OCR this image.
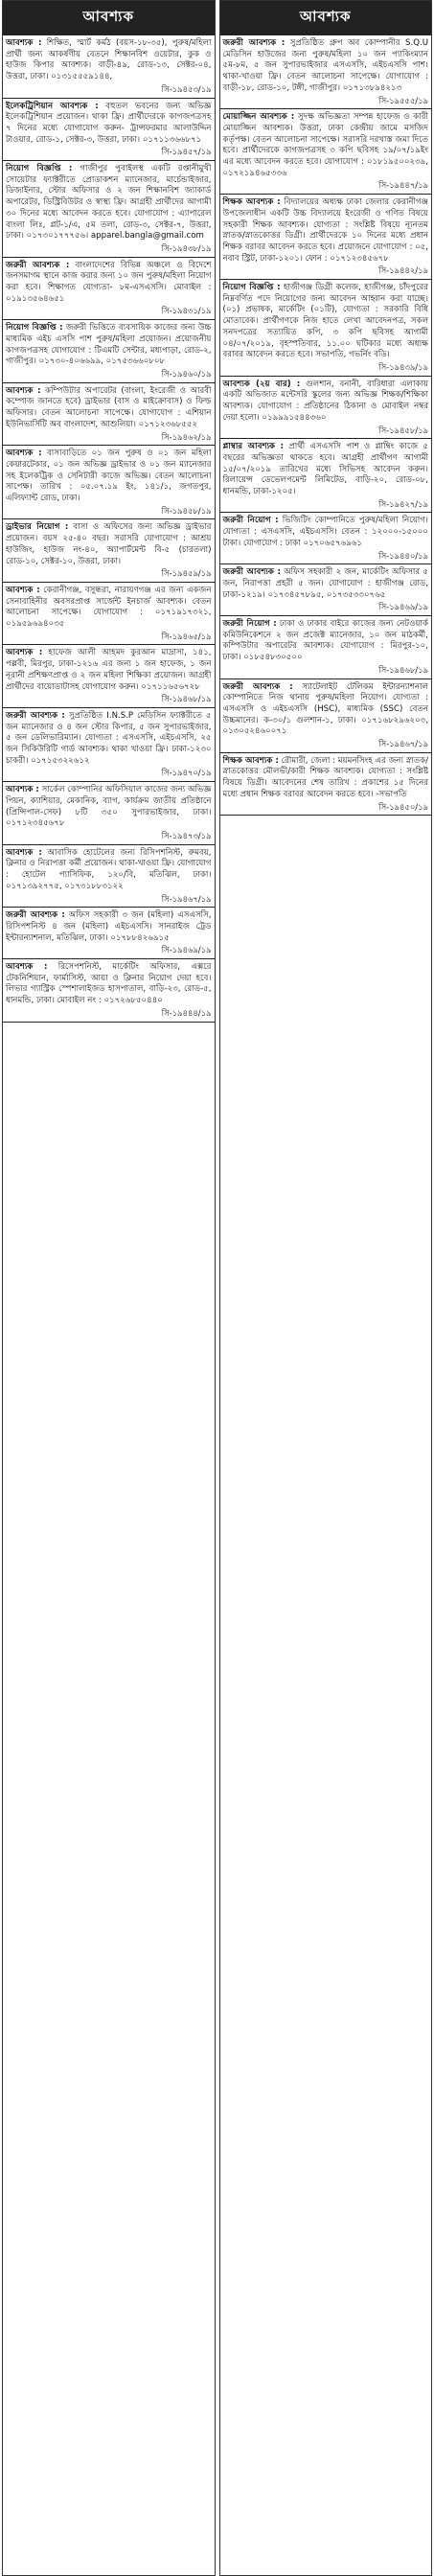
আবশ্যক
আবশ্যক : শিক্ষিত, স্মার্ট কর্মঠ (বয়স-১৮-৩৫), পুরুষ/মহিলা প্রার্থী জন্য আকর্ষণীয় বেতনে শিক্ষানবিশ ওয়েটার, কুক ও হাউজ কিপার আবশ্যক। বাড়ী-৪৯, রোড-১৩, সেক্টর-০৪, উত্তরা, ঢাকা। ০১৩১৫৫৫৯১৪৪,
সি-১৯৪৫৩/১৯
ইলেকট্রিশিয়ান আবশ্যক : বহুতল ভবনের জন্য অভিজ্ঞ ইলেকট্রিশিয়ান প্রয়োজন। থাকা ফ্রি। প্রার্থীদেরকে কাগজপত্রসহ ৭ দিনের মধ্যে যোগাযোগ করুন- ট্রান্সফরমার আলাউদ্দিন টাওয়ার, রোড-১, সেক্টর-৩, উত্তরা, ঢাকা। ০১৭১১৩৬৬৮৭১
সি-১৯৪৫৭/১৯
নিয়োগ বিজ্ঞপ্তি : গাজীপুর পুবাইলস্থ একটি রপ্তানীমুখী সোয়েটার ফ্যাক্টরীতে প্রোডাকশন ম্যানেজার, মার্চেন্ডাইজার, ডিজাইনার, স্টোর অফিসার ও ২ জন শিক্ষানবিশ জ্যাকার্ড অপারেটর, ডিস্ট্রিবিউটর ও স্বাস্থ্য ফ্রি। আগ্রহী প্রার্থীদের আগামী ৩০ দিনের মধ্যে আবেদন করতে হবে। যোগাযোগ : এ্যাপারেল বাংলা লিঃ, প্লট-১/এ, ৫ম তলা, রোড-৩, সেক্টর-৭, উত্তরা, ঢাকা। ০১৭৩০১৭৭৭৫৬। apparel.bangla@gmail.com
সি-১৯৪৩৮/১৯
জরুরী আবশ্যক : বাংলাদেশের বিভিন্ন অঞ্চলে ও বিদেশে জনসমাগম স্থানে কাজ করার জন্য ১০ জন পুরুষ/মহিলা নিয়োগ করা হবে। শিক্ষাগত যোগ্যতা- ৮ম-এসএসসি। মোবাইল : ০১৯১৩৫৬৪৬৫১
সি-১৯৪৩১/১৯
নিয়োগ বিজ্ঞপ্তি : জরুরী ভিত্তিতে ব্যবসায়িক কাজের জন্য উচ্চ মাধ্যমিক এইচ এসসি পাশ পুরুষ/মহিলা প্রয়োজন। প্রয়োজনীয় কাগজপত্রসহ যোগাযোগ : টিএমটি সেন্টার, মধ্যপাড়া, রোড-২, গাজীপুর। ০১৭৩০-৪০৬৬৯৯, ০১৭৫৩৬৬০৮০৮
সি-১৯৪৬০/১৯
আবশ্যক : কম্পিউটার অপারেটর (বাংলা, ইংরেজী ও আরবী কম্পোজ জানতে হবে) ড্রাইভার (বাস ও মাইক্রোবাস) ও ফিল্ড অফিসার। বেতন আলোচনা সাপেক্ষে। যোগাযোগ : এশিয়ান ইউনিভার্সিটি অব বাংলাদেশ, আশুলিয়া। ০১৭১২৩৬৮৫৫২
সি-১৯৪৬২/১৯
আবশ্যক : বাসাবাড়িতে ০১ জন পুরুষ ও ০১ জন মহিলা কেয়ারটেকার, ০১ জন অভিজ্ঞ ড্রাইভার ও ০১ জন ম্যানেজার সহ ইলেকট্রিক ও সেনিটারী কাজে অভিজ্ঞ। বেতন আলোচনা সাপেক্ষ। তারিখ : ০৫.০৭.১৯ ইং, ১৪১/১, জগতপুর, এলিফ্যান্ট রোড, ঢাকা।
সি-১৯৪৫৮/১৯
ড্রাইভার নিয়োগ : বাসা ও অফিসের জন্য অভিজ্ঞ ড্রাইভার প্রয়োজন। বয়স ২৫-৪০ বছর। সরাসরি যোগাযোগ : আশ্রয় হাউজিং, হাউজ নং-৪০, অ্যাপার্টমেন্ট বি-৫ (চারতলা) রোড-১০, সেক্টর-১০, উত্তরা, ঢাকা।
সি-১৯৪৫৯/১৯
আবশ্যক : কেরানীগঞ্জ, বসুন্ধরা, নারায়ণগঞ্জ এর জন্য একজন সেনাবাহিনীর অবসরপ্রাপ্ত সার্জেন্ট ইনচার্জ আবশ্যক। বেতন আলোচনা সাপেক্ষে। যোগাযোগ : ০১৭১৯১৭৩২১, ০১৯৫৯৬৯৪০৩৫
সি-১৯৪৬৫/১৯
আবশ্যক : হাফেজ আলী আহমদ কুরআন মাদ্রাসা, ১৪১, পল্লবী, মিরপুর, ঢাকা-১২১৬ এর জন্য ১ জন হাফেজ, ১ জন নূরানী প্রশিক্ষণপ্রাপ্ত ও ২ জন মহিলা শিক্ষিকা প্রয়োজন। আগ্রহী প্রার্থীদের বায়োডাটাসহ যোগাযোগ করুন। ০১৭১১৬৫৬৭২৮
সি-১৯৪৬৮/১৯
জরুরী আবশ্যক : সুপ্রতিষ্ঠিত I.N.S.P মেডিসিন ফ্যাক্টরীতে ৫ জন ম্যানেজার ও ৪ জন স্টোর কিপার, ৫ জন সুপারভাইজার, ৫ জন ডেলিভারিম্যান। যোগ্যতা : এসএসসি, এইচএসসি, ২৫ জন সিকিউরিটি গার্ড আবশ্যক। থাকা খাওয়া ফ্রি। ঢাকা-১২৩০ চাকরী। ০১৭১৫৩২২৬১২
সি-১৯৪৭০/১৯
আবশ্যক : সার্কেল কোম্পানির অফিসিয়াল কাজের জন্য অভিজ্ঞ পিয়ন, ক্যাশিয়ার, মেকানিক, ব্যাগ, কার্যক্রম জাতীয় প্রতিষ্ঠানে (প্রিন্সিপাল-সেফ) ৮টি ৩৫০ সুপারভাইজার, ঢাকা। ০১৭১২৩৪৫৬৭৮
সি-১৯৪৭৩/১৯
আবশ্যক : আবাসিক হোটেলের জন্য রিসিপশনিস্ট, রুমবয়, ক্লিনার ও নিরাপত্তা কর্মী প্রয়োজন। থাকা-খাওয়া ফ্রি। যোগাযোগ : হোটেল প্যাসিফিক, ১২০/বি, মতিঝিল, ঢাকা। ০১৭১৩৯২৭৭৫, ০১৭৩১৮৮৩১২২
সি-১৯৪৬৭/১৯
জরুরী আবশ্যক : অফিস সহকারী ৩ জন (মহিলা) এসএসসি, রিসিপশনিস্ট ৪ জন (মহিলা) এইচএসসি। সানরাইজ ট্রেড ইন্টারন্যাশনাল, মতিঝিল, ঢাকা। ০১৭৮৮৪২৬৯১৫
সি-১৯৪৬৯/১৯
আবশ্যক : রিসেপশনিস্ট, মার্কেটিং অফিসার, এক্সরে টেকনিশিয়ান, ফার্মাসিস্ট, আয়া ও ক্লিনার নিয়োগ দেয়া হবে। লিভার গ্যাস্ট্রিক স্পেশালাইজড হাসপাতাল, বাড়ি-২৩, রোড-৫, ধানমন্ডি, ঢাকা। মোবাইল নং : ০১৭২৬৮৫০৪৪০
সি-১৯৪৪৪/১৯
আবশ্যক
জরুরী আবশ্যক : সুপ্রতিষ্ঠিত গ্রুপ অব কোম্পানীর S.Q.U মেডিসিন হাউজের জন্য পুরুষ/মহিলা ১০ জন প্যাকিংম্যান ৫ম-৮ম, ৫ জন সুপারভাইজার এসএসসি, এইচএসসি পাশ। থাকা-খাওয়া ফ্রি। বেতন আলোচনা সাপেক্ষে। যোগাযোগ : বাড়ী-১৮, রোড-১০, টঙ্গী, গাজীপুর। ০১৭১৩৮৯৪২১৩
সি-১৯৫৫৫/১৯
মোয়াজ্জিন আবশ্যক : সুদক্ষ অভিজ্ঞতা সম্পন্ন হাফেজ ও কারী মোয়াজ্জিন আবশ্যক। উত্তরা, ঢাকা কেন্দ্রীয় জামে মসজিদ কর্তৃপক্ষ। বেতন আলোচনা সাপেক্ষে। সরাসরি দরখাস্ত জমা দিতে হবে। প্রার্থীদেরকে কাগজপত্রসহ ৩ কপি ছবিসহ ১৯/০৭/১৯ইং এর মধ্যে আবেদন করতে হবে। যোগাযোগ : ০১৮১৯৫০০২৩৯, ০১৭২১৯৪৬৫৩৩৬
সি-১৯৪৪৭/১৯
শিক্ষক আবশ্যক : বিদ্যালয়ের অধ্যক্ষ ঢাকা জেলার কেরানীগঞ্জ উপজেলাধীন একটি উচ্চ বিদ্যালয়ে ইংরেজী ও গণিত বিষয়ে সহকারী শিক্ষক আবশ্যক। যোগ্যতা : সংশ্লিষ্ট বিষয়ে ন্যূনতম স্নাতক/স্নাতকোত্তর ডিগ্রী। প্রার্থীদেরকে ১০ দিনের মধ্যে প্রধান শিক্ষক বরাবর আবেদন করতে হবে। প্রয়োজনে যোগাযোগ : ০৫, নবাব স্ট্রিট, ঢাকা-১২০১। ফোন : ০১৭১২৩৪৫৬৭৮
সি-১৯৪৪২/১৯
নিয়োগ বিজ্ঞপ্তি : হাজীগঞ্জ ডিগ্রী কলেজ, হাজীগঞ্জ, চাঁদপুরের নিম্নবর্ণিত পদে নিয়োগের জন্য আবেদন আহ্বান করা যাচ্ছে। (০১) প্রভাষক, মার্কেটিং (০১টি), যোগ্যতা : সরকারি বিধি মোতাবেক। প্রার্থীগণকে নিজ হাতে লেখা আবেদনপত্র, সকল সনদপত্রের সত্যায়িত কপি, ৩ কপি ছবিসহ আগামী ০৪/০৭/২০১৯, বৃহস্পতিবার, ১১.০০ ঘটিকার মধ্যে অধ্যক্ষ বরাবর আবেদন করতে হবে। সভাপতি, গভর্নিং বডি।
সি-১৯৪৩৯/১৯
আবশ্যক (২য় বার) : গুলশান, বনানী, বারিধারা এলাকায় একটি অভিজাত মন্টেসরি স্কুলের জন্য অভিজ্ঞ শিক্ষক/শিক্ষিকা আবশ্যক। যোগাযোগ : প্রতিষ্ঠানের ঠিকানা ও মোবাইল নম্বর দেয়া হলো। ০১৯৯৯১৫৪৪৩৬০
সি-১৯৪৫৮/১৯
প্লাম্বার আবশ্যক : প্রার্থী এসএসসি পাশ ও প্লাম্বিং কাজে ৫ বছরের অভিজ্ঞতা থাকতে হবে। আগ্রহী প্রার্থীগণ আগামী ১৫/০৭/২০১৯ তারিখের মধ্যে সিভিসহ আবেদন করুন। রিলায়েন্স ডেভেলপমেন্ট লিমিটেড, বাড়ি-২০, রোড-০৮, ধানমন্ডি, ঢাকা-১২০৫।
সি-১৯৪২৭/১৯
জরুরী নিয়োগ : ভিজিটিং কোম্পানিতে পুরুষ/মহিলা নিয়োগ। যোগ্যতা : এসএসসি, এইচএসসি। বেতন : ১২০০০-১৫০০০ টাকা। যোগাযোগ : ঢাকা ০১৭০৬৫৭৬৯৬১
সি-১৯৪৪০/১৯
জরুরী আবশ্যক : অফিস সহকারী ২ জন, মার্কেটিং অফিসার ৫ জন, নিরাপত্তা প্রহরী ৫ জন। যোগাযোগ : হাজীগঞ্জ রোড, ঢাকা-১২১৯। ০১৭৩৪৫৭৮৯৫, ০১৭৩৫৩৩০৭৬৫
সি-১৯৪৬৯/১৯
জরুরী নিয়োগ : ঢাকা ও ঢাকার বাইরে কাজের জন্য নেটওয়ার্ক কমিউনিকেশনে ২ জন প্রজেক্ট ম্যানেজার, ১০ জন মাঠকর্মী, কম্পিউটার অপারেটর আবশ্যক। যোগাযোগ : মিরপুর-১০, ঢাকা। ০১৮৫৪৮৩০৫০০
সি-১৯৪৬৮/১৯
জরুরী আবশ্যক : স্যাটেলাইট টেলিকম ইন্টারন্যাশনাল কোম্পানিতে নিজ থানায় পুরুষ/মহিলা নিয়োগ। যোগ্যতা : এসএসসি ও এইচএসসি (HSC), মাধ্যমিক (SSC) বেতন উচ্চমানের। ক-৩০/১ গুলশান-১, ঢাকা। ০১৭১৬৮২৯৬২০৩, ০১৩০৫২৪৬০০৭১
সি-১৯৪৬৭/১৯
শিক্ষক আবশ্যক : রৌমারী, জেলা : ময়মনসিংহ এর জন্য স্নাতক/স্নাতকোত্তর মৌলভী/কারী শিক্ষক আবশ্যক। যোগ্যতা : সংশ্লিষ্ট বিষয়ে ডিগ্রী। আবেদনের শেষ তারিখ : প্রকাশের ১৫ দিনের মধ্যে প্রধান শিক্ষক বরাবর আবেদন করতে হবে। -সভাপতি
সি-১৯৪৫০/১৯
